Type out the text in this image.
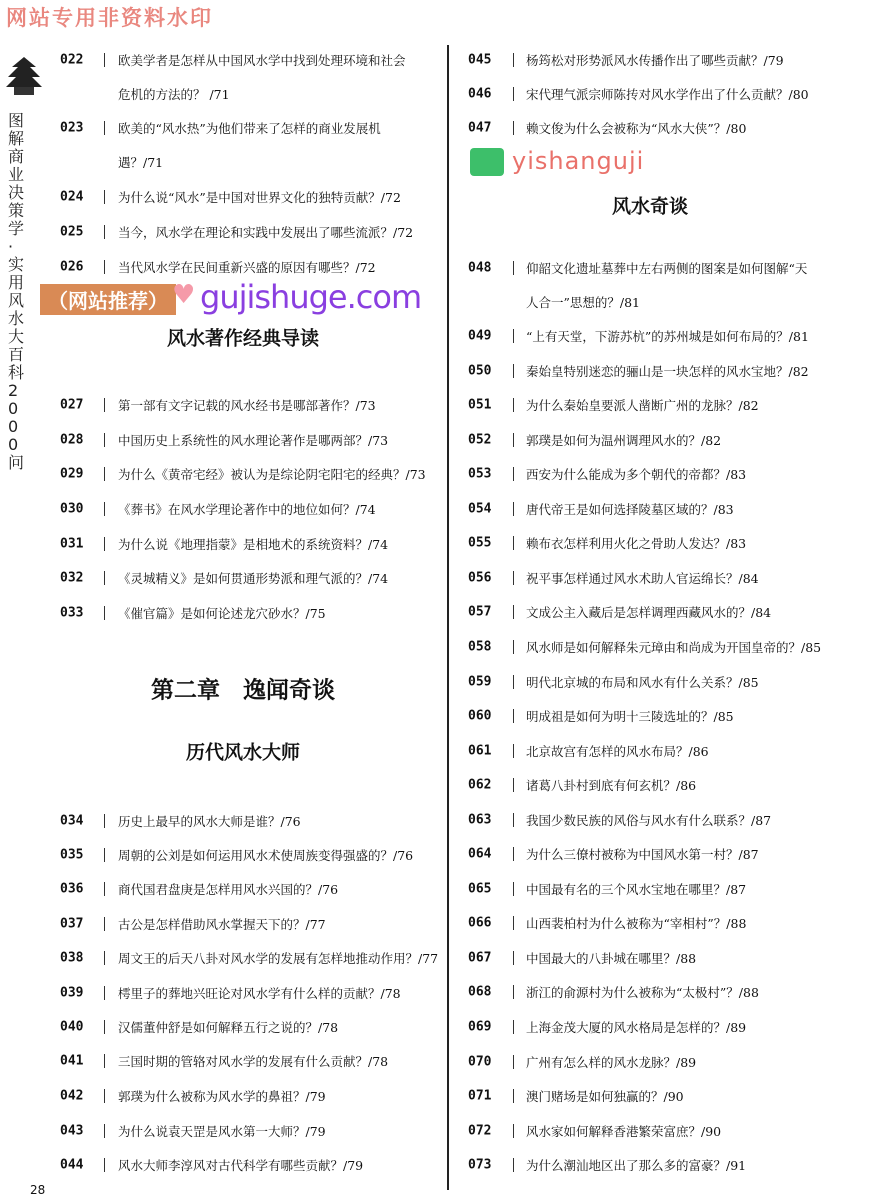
网站专用非资料水印
（网站推荐） ♥ gujishuge.com
yishanguji
图解商业决策学·实用风水大百科2000问
风水著作经典导读
第二章　逸闻奇谈
历代风水大师
风水奇谈
022	欧美学者是怎样从中国风水学中找到处理环境和社会
危机的方法的？ /71
023	欧美的“风水热”为他们带来了怎样的商业发展机
遇？/71
024	为什么说“风水”是中国对世界文化的独特贡献？/72
025	当今，风水学在理论和实践中发展出了哪些流派？/72
026	当代风水学在民间重新兴盛的原因有哪些？/72
027	第一部有文字记载的风水经书是哪部著作？/73
028	中国历史上系统性的风水理论著作是哪两部？/73
029	为什么《黄帝宅经》被认为是综论阴宅阳宅的经典？/73
030	《葬书》在风水学理论著作中的地位如何？/74
031	为什么说《地理指蒙》是相地术的系统资料？/74
032	《灵城精义》是如何贯通形势派和理气派的？/74
033	《催官篇》是如何论述龙穴砂水？/75
034	历史上最早的风水大师是谁？/76
035	周朝的公刘是如何运用风水术使周族变得强盛的？/76
036	商代国君盘庚是怎样用风水兴国的？/76
037	古公是怎样借助风水掌握天下的？/77
038	周文王的后天八卦对风水学的发展有怎样地推动作用？/77
039	樗里子的葬地兴旺论对风水学有什么样的贡献？/78
040	汉儒董仲舒是如何解释五行之说的？/78
041	三国时期的管辂对风水学的发展有什么贡献？/78
042	郭璞为什么被称为风水学的鼻祖？/79
043	为什么说袁天罡是风水第一大师？/79
044	风水大师李淳风对古代科学有哪些贡献？/79
045	杨筠松对形势派风水传播作出了哪些贡献？/79
046	宋代理气派宗师陈抟对风水学作出了什么贡献？/80
047	赖文俊为什么会被称为“风水大侠”？/80
048	仰韶文化遗址墓葬中左右两侧的图案是如何图解“天
人合一”思想的？/81
049	“上有天堂，下游苏杭”的苏州城是如何布局的？/81
050	秦始皇特别迷恋的骊山是一块怎样的风水宝地？/82
051	为什么秦始皇要派人凿断广州的龙脉？/82
052	郭璞是如何为温州调理风水的？/82
053	西安为什么能成为多个朝代的帝都？/83
054	唐代帝王是如何选择陵墓区域的？/83
055	赖布衣怎样利用火化之骨助人发达？/83
056	祝平事怎样通过风水术助人官运绵长？/84
057	文成公主入藏后是怎样调理西藏风水的？/84
058	风水师是如何解释朱元璋由和尚成为开国皇帝的？/85
059	明代北京城的布局和风水有什么关系？/85
060	明成祖是如何为明十三陵选址的？/85
061	北京故宫有怎样的风水布局？/86
062	诸葛八卦村到底有何玄机？/86
063	我国少数民族的风俗与风水有什么联系？/87
064	为什么三僚村被称为中国风水第一村？/87
065	中国最有名的三个风水宝地在哪里？/87
066	山西裴柏村为什么被称为“宰相村”？/88
067	中国最大的八卦城在哪里？/88
068	浙江的俞源村为什么被称为“太极村”？/88
069	上海金茂大厦的风水格局是怎样的？/89
070	广州有怎么样的风水龙脉？/89
071	澳门赌场是如何独赢的？/90
072	风水家如何解释香港繁荣富庶？/90
073	为什么潮汕地区出了那么多的富豪？/91
28
